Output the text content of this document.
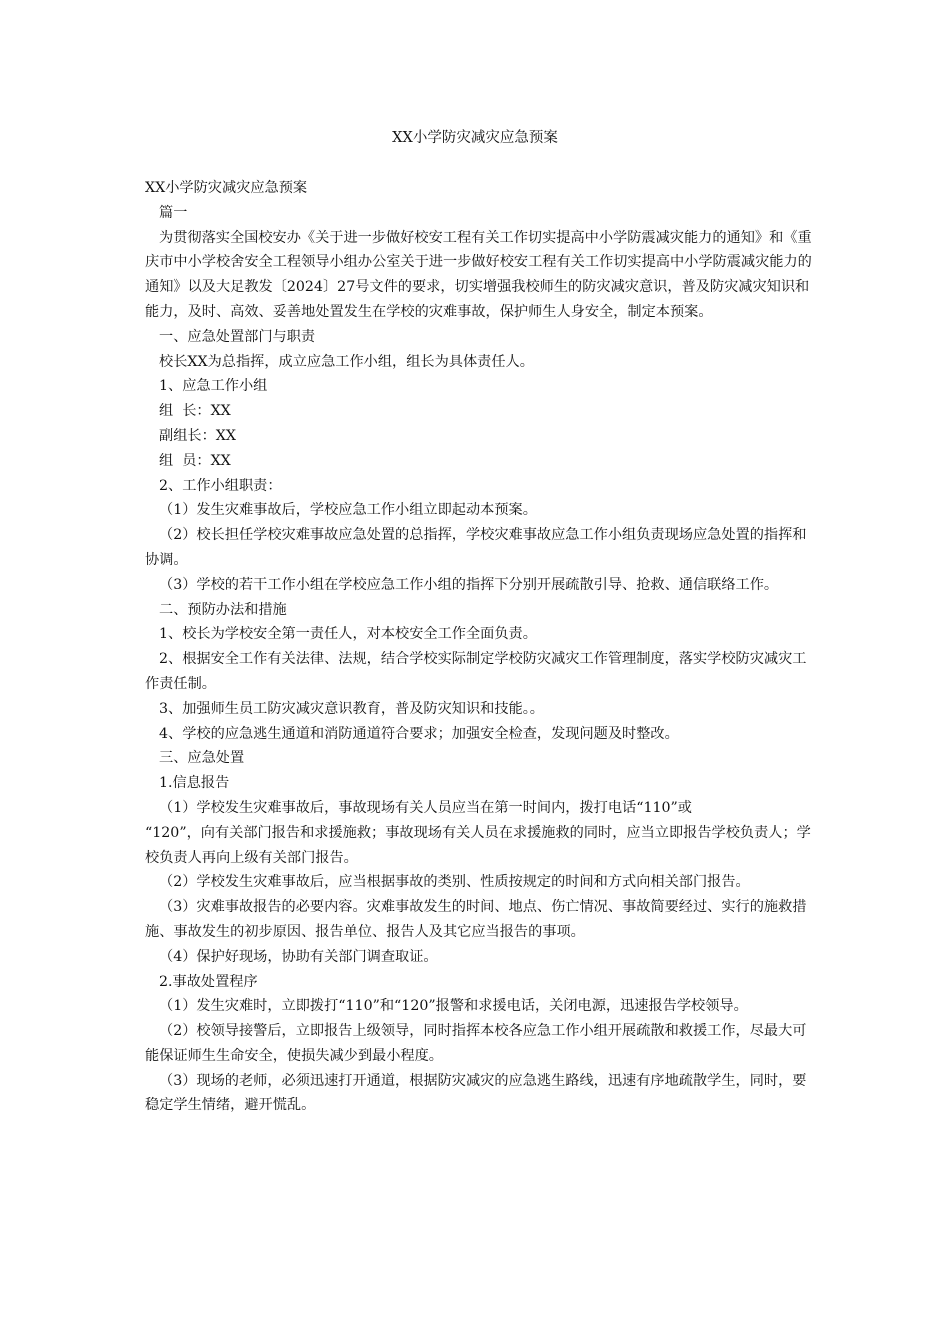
XX小学防灾减灾应急预案

XX小学防灾减灾应急预案

篇一

为贯彻落实全国校安办《关于进一步做好校安工程有关工作切实提高中小学防震减灾能力的通知》和《重庆市中小学校舍安全工程领导小组办公室关于进一步做好校安工程有关工作切实提高中小学防震减灾能力的通知》以及大足教发〔2024〕27号文件的要求，切实增强我校师生的防灾减灾意识，普及防灾减灾知识和能力，及时、高效、妥善地处置发生在学校的灾难事故，保护师生人身安全，制定本预案。

一、应急处置部门与职责

校长XX为总指挥，成立应急工作小组，组长为具体责任人。

1、应急工作小组

组  长：XX

副组长：XX

组  员：XX

2、工作小组职责：

（1）发生灾难事故后，学校应急工作小组立即起动本预案。

（2）校长担任学校灾难事故应急处置的总指挥，学校灾难事故应急工作小组负责现场应急处置的指挥和协调。

（3）学校的若干工作小组在学校应急工作小组的指挥下分别开展疏散引导、抢救、通信联络工作。

二、预防办法和措施

1、校长为学校安全第一责任人，对本校安全工作全面负责。

2、根据安全工作有关法律、法规，结合学校实际制定学校防灾减灾工作管理制度，落实学校防灾减灾工作责任制。

3、加强师生员工防灾减灾意识教育，普及防灾知识和技能。。

4、学校的应急逃生通道和消防通道符合要求；加强安全检查，发现问题及时整改。

三、应急处置

1.信息报告

（1）学校发生灾难事故后，事故现场有关人员应当在第一时间内，拨打电话“110”或

“120”，向有关部门报告和求援施救；事故现场有关人员在求援施救的同时，应当立即报告学校负责人；学校负责人再向上级有关部门报告。

（2）学校发生灾难事故后，应当根据事故的类别、性质按规定的时间和方式向相关部门报告。

（3）灾难事故报告的必要内容。灾难事故发生的时间、地点、伤亡情况、事故简要经过、实行的施救措施、事故发生的初步原因、报告单位、报告人及其它应当报告的事项。

（4）保护好现场，协助有关部门调查取证。

2.事故处置程序

（1）发生灾难时，立即拨打“110”和“120”报警和求援电话，关闭电源，迅速报告学校领导。

（2）校领导接警后，立即报告上级领导，同时指挥本校各应急工作小组开展疏散和救援工作，尽最大可能保证师生生命安全，使损失减少到最小程度。

（3）现场的老师，必须迅速打开通道，根据防灾减灾的应急逃生路线，迅速有序地疏散学生，同时，要稳定学生情绪，避开慌乱。
